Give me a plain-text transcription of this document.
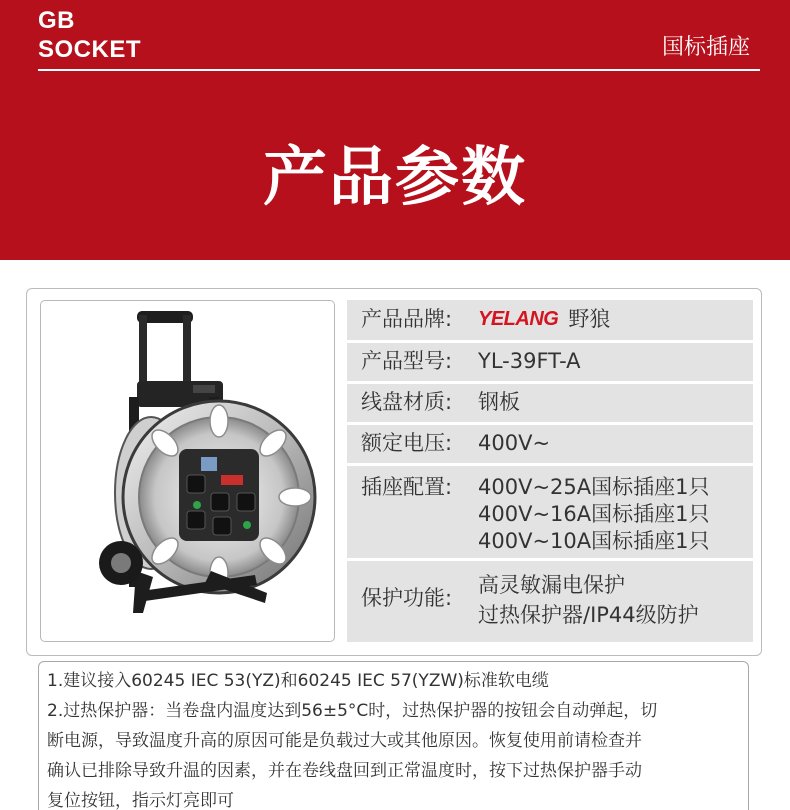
GB
SOCKET	国标插座
产品参数
产品品牌: YELANG 野狼
产品型号: YL-39FT-A
线盘材质: 钢板
额定电压: 400V~
插座配置: 400V~25A国标插座1只
400V~16A国标插座1只
400V~10A国标插座1只
保护功能:
高灵敏漏电保护
过热保护器/IP44级防护

1.建议接入60245 IEC 53(YZ)和60245 IEC 57(YZW)标准软电缆

2.过热保护器：当卷盘内温度达到56±5°C时，过热保护器的按钮会自动弹起，切

断电源，导致温度升高的原因可能是负载过大或其他原因。恢复使用前请检查并

确认已排除导致升温的因素，并在卷线盘回到正常温度时，按下过热保护器手动

复位按钮，指示灯亮即可
